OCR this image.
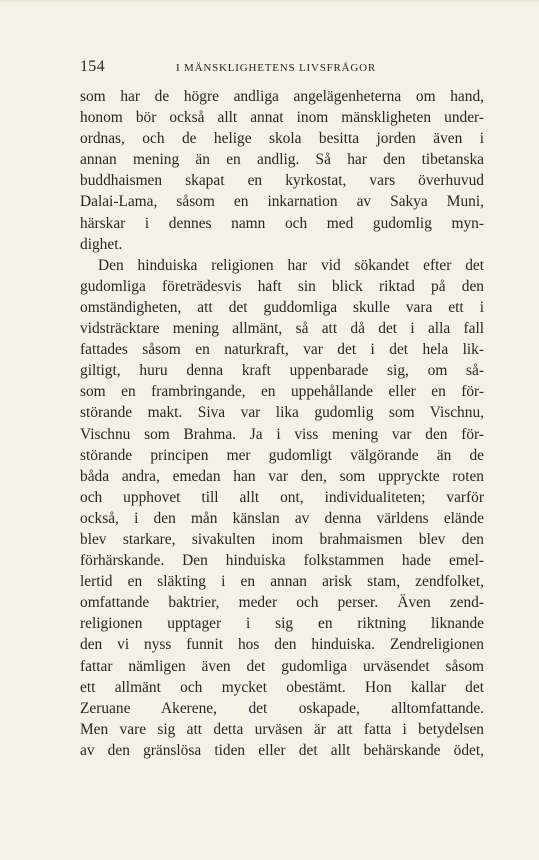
154	I MÄNSKLIGHETENS LIVSFRÅGOR
som har de högre andliga angelägenheterna om hand,
honom bör också allt annat inom mänskligheten under-
ordnas, och de helige skola besitta jorden även i
annan mening än en andlig. Så har den tibetanska
buddhaismen skapat en kyrkostat, vars överhuvud
Dalai-Lama, såsom en inkarnation av Sakya Muni,
härskar i dennes namn och med gudomlig myn-
dighet.
Den hinduiska religionen har vid sökandet efter det
gudomliga företrädesvis haft sin blick riktad på den
omständigheten, att det guddomliga skulle vara ett i
vidsträcktare mening allmänt, så att då det i alla fall
fattades såsom en naturkraft, var det i det hela lik-
giltigt, huru denna kraft uppenbarade sig, om så-
som en frambringande, en uppehållande eller en för-
störande makt. Siva var lika gudomlig som Vischnu,
Vischnu som Brahma. Ja i viss mening var den för-
störande principen mer gudomligt välgörande än de
båda andra, emedan han var den, som uppryckte roten
och upphovet till allt ont, individualiteten; varför
också, i den mån känslan av denna världens elände
blev starkare, sivakulten inom brahmaismen blev den
förhärskande. Den hinduiska folkstammen hade emel-
lertid en släkting i en annan arisk stam, zendfolket,
omfattande baktrier, meder och perser. Även zend-
religionen upptager i sig en riktning liknande
den vi nyss funnit hos den hinduiska. Zendreligionen
fattar nämligen även det gudomliga urväsendet såsom
ett allmänt och mycket obestämt. Hon kallar det
Zeruane Akerene, det oskapade, alltomfattande.
Men vare sig att detta urväsen är att fatta i betydelsen
av den gränslösa tiden eller det allt behärskande ödet,
